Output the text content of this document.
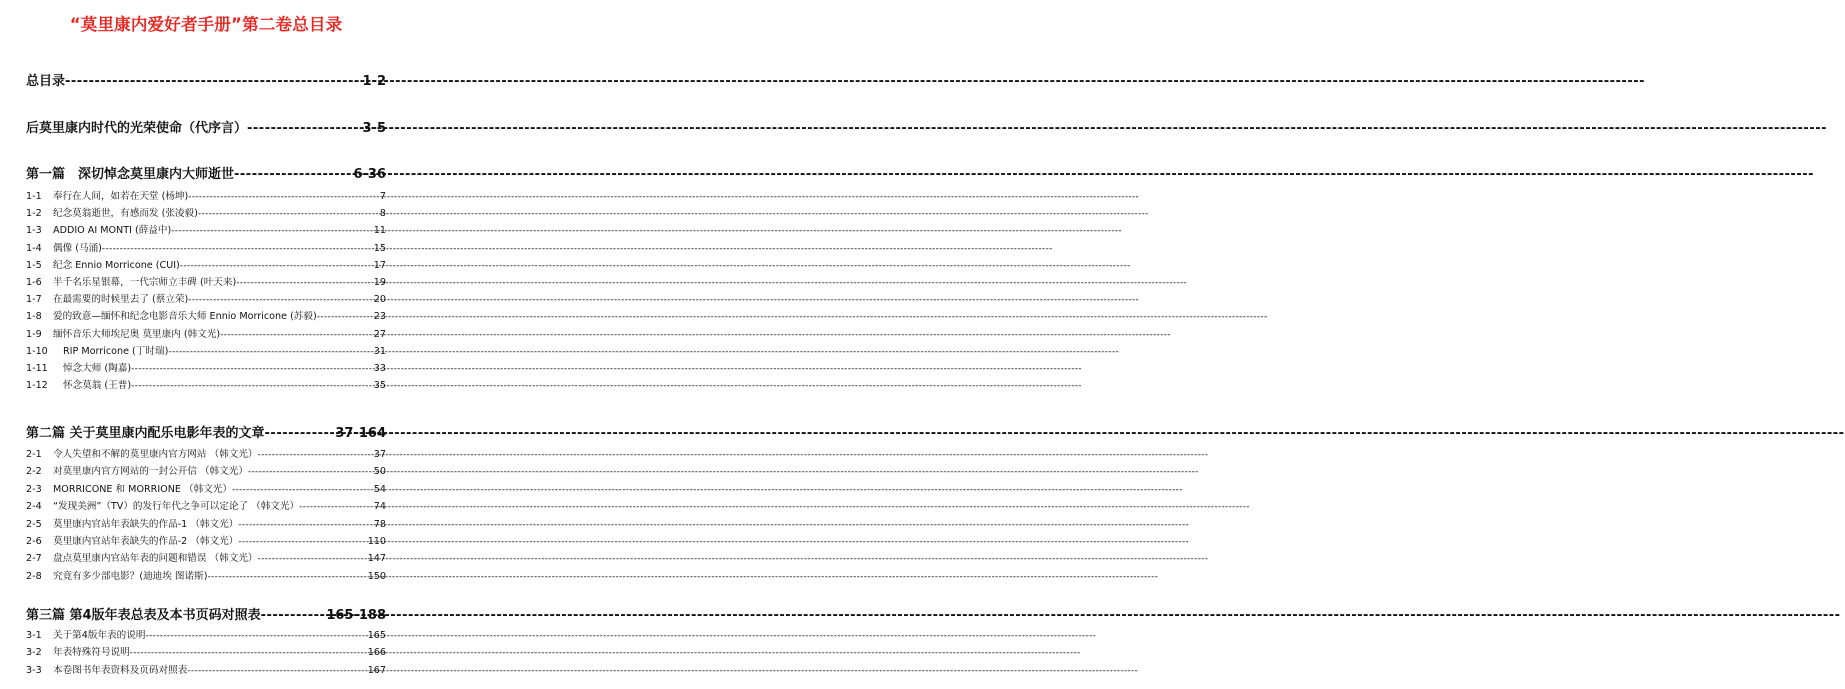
“莫里康内爱好者手册”第二卷总目录
总目录 -----	1-2
后莫里康内时代的光荣使命（代序言） -----	3-5
第一篇　深切悼念莫里康内大师逝世 -----	6-36
1-1	奉行在人间，如若在天堂 (杨坤) -----	7
1-2	纪念莫翁逝世，有感而发 (张凌毅) -----	8
1-3	ADDIO AI MONTI (薛益中) -----	11
1-4	偶像 (马涌) -----	15
1-5	纪念 Ennio Morricone (CUI) -----	17
1-6	半千名乐星银幕，一代宗师立丰碑 (叶天来) -----	19
1-7	在最需要的时候里去了 (蔡立荣) -----	20
1-8	爱的致意—缅怀和纪念电影音乐大师 Ennio Morricone (苏毅) -----	23
1-9	缅怀音乐大师埃尼奥 莫里康内 (韩文光) -----	27
1-10	RIP Morricone (丁时瑞) -----	31
1-11	悼念大师 (陶嘉) -----	33
1-12	怀念莫翁 (王普) -----	35
第二篇 关于莫里康内配乐电影年表的文章 -----	37-164
2-1	令人失望和不解的莫里康内官方网站 （韩文光） -----	37
2-2	对莫里康内官方网站的一封公开信 （韩文光） -----	50
2-3	MORRICONE 和 MORRIONE （韩文光） -----	54
2-4	“发现美洲”（TV）的发行年代之争可以定论了 （韩文光） -----	74
2-5	莫里康内官站年表缺失的作品-1 （韩文光） -----	78
2-6	莫里康内官站年表缺失的作品-2 （韩文光） -----	110
2-7	盘点莫里康内官站年表的问题和错误 （韩文光） -----	147
2-8	究竟有多少部电影？(迪迪埃 图诺斯) -----	150
第三篇 第4版年表总表及本书页码对照表 -----	165-188
3-1	关于第4版年表的说明 -----	165
3-2	年表特殊符号说明 -----	166
3-3	本卷图书年表资料及页码对照表 -----	167
